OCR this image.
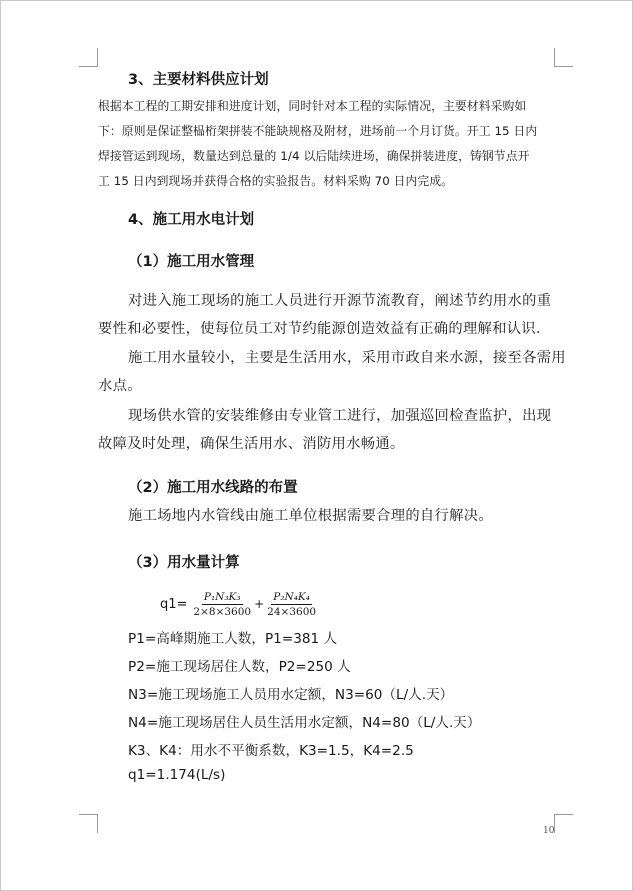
3、主要材料供应计划
根据本工程的工期安排和进度计划，同时针对本工程的实际情况，主要材料采购如
下：原则是保证整榀桁架拼装不能缺规格及附材，进场前一个月订货。开工 15 日内
焊接管运到现场，数量达到总量的 1/4 以后陆续进场，确保拼装进度，铸钢节点开
工 15 日内到现场并获得合格的实验报告。材料采购 70 日内完成。
4、施工用水电计划
（1）施工用水管理
对进入施工现场的施工人员进行开源节流教育，阐述节约用水的重
要性和必要性，使每位员工对节约能源创造效益有正确的理解和认识.
施工用水量较小，主要是生活用水，采用市政自来水源，接至各需用
水点。
现场供水管的安装维修由专业管工进行，加强巡回检查监护，出现
故障及时处理，确保生活用水、消防用水畅通。
（2）施工用水线路的布置
施工场地内水管线由施工单位根据需要合理的自行解决。
（3）用水量计算
$q1= \frac{\text{P₁N₃K₃}}{2\times 8\times 3600} + \frac{\text{P₂N₄K₄}}{24\times 3600}$
P1=高峰期施工人数，P1=381 人
P2=施工现场居住人数，P2=250 人
N3=施工现场施工人员用水定额，N3=60（L/人.天）
N4=施工现场居住人员生活用水定额，N4=80（L/人.天）
K3、K4：用水不平衡系数，K3=1.5，K4=2.5
q1=1.174(L/s)
10
